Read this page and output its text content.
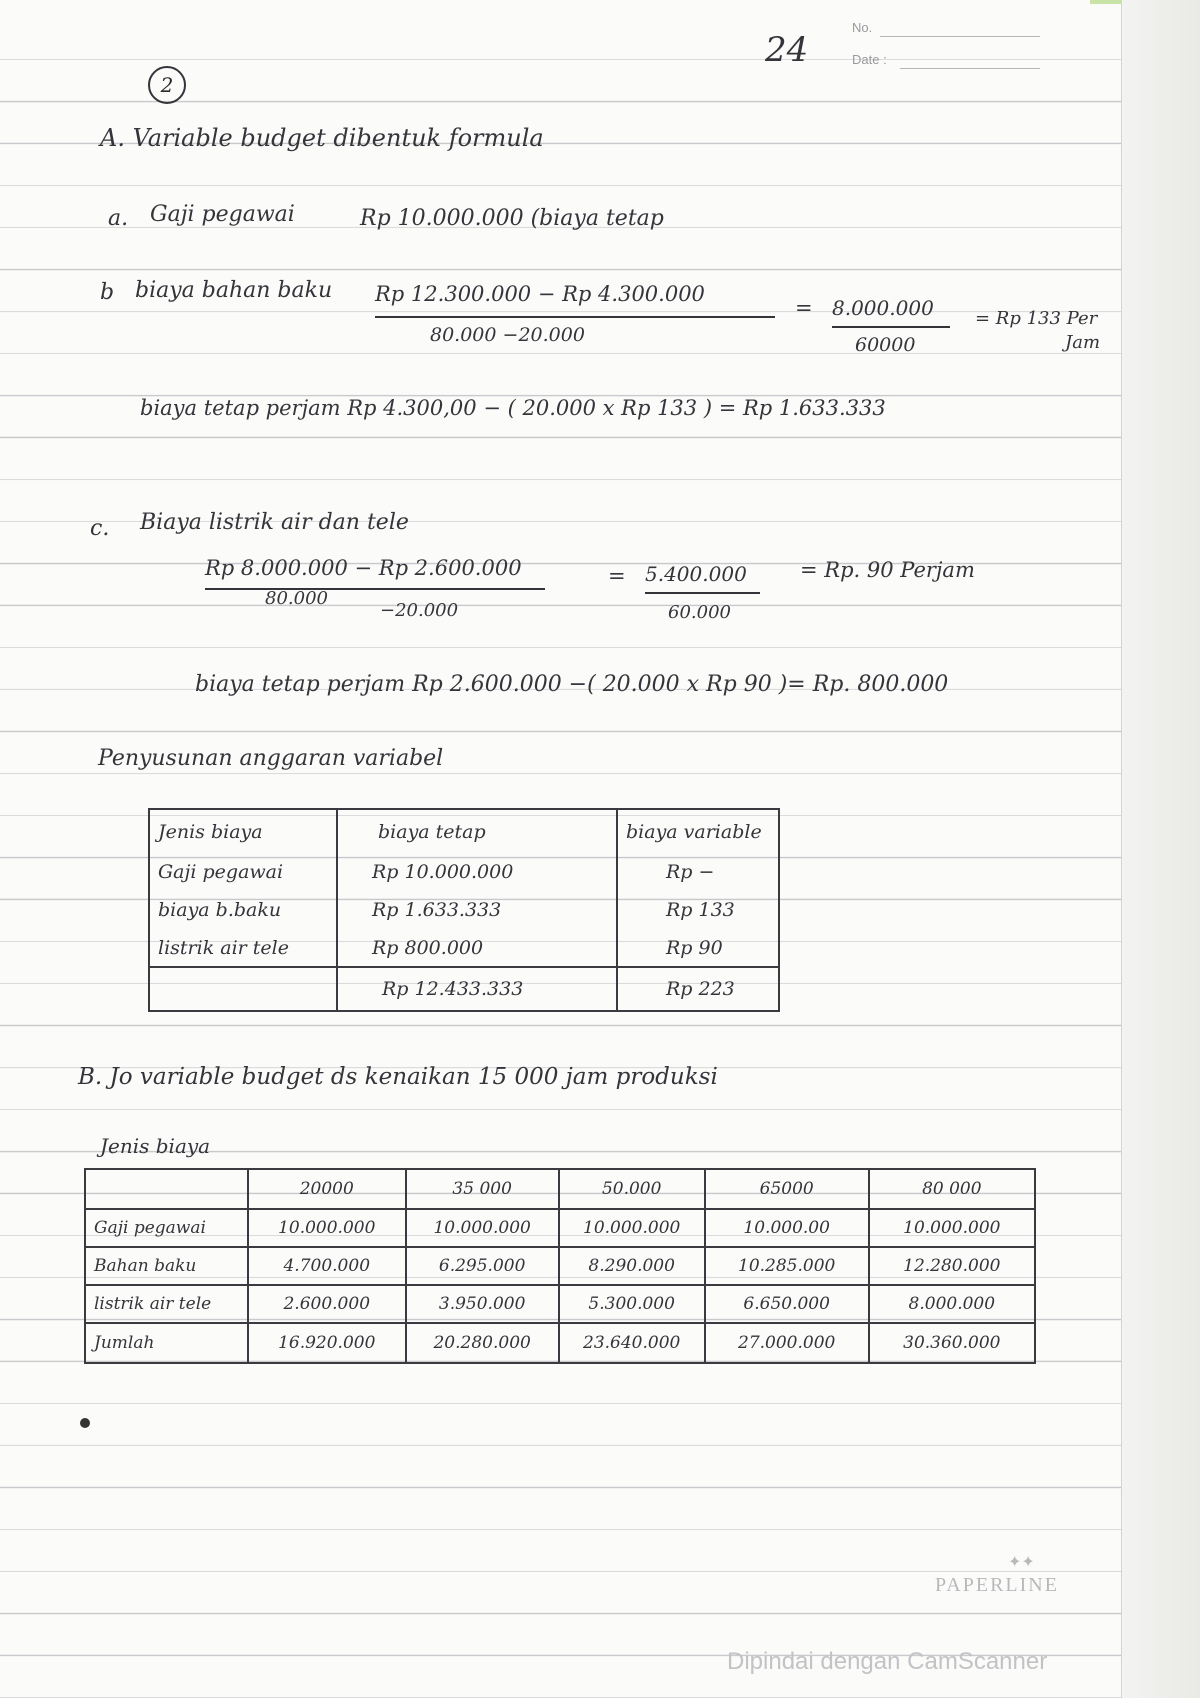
No.
Date :
24
2
A. Variable budget dibentuk formula
a. Gaji pegawai	Rp 10.000.000 (biaya tetap
b biaya bahan baku Rp 12.300.000 − Rp 4.300.000
80.000 −20.000
= 8.000.000
60000
= Rp 133 Per
Jam
biaya tetap perjam Rp 4.300,00 − ( 20.000 x Rp 133 ) = Rp 1.633.333
c. Biaya listrik air dan tele
Rp 8.000.000 − Rp 2.600.000
80.000
−20.000
= 5.400.000
60.000
= Rp. 90 Perjam
biaya tetap perjam Rp 2.600.000 −( 20.000 x Rp 90 )= Rp. 800.000
Penyusunan anggaran variabel
Jenis biaya	biaya tetap	biaya variable
Gaji pegawai	Rp 10.000.000	Rp −
biaya b.baku	Rp 1.633.333	Rp 133
listrik air tele	Rp 800.000	Rp 90
	Rp 12.433.333	Rp 223
B. Jo variable budget ds kenaikan 15 000 jam produksi
Jenis biaya
	20000	35 000	50.000	65000	80 000
Gaji pegawai	10.000.000	10.000.000	10.000.000	10.000.00	10.000.000
Bahan baku	4.700.000	6.295.000	8.290.000	10.285.000	12.280.000
listrik air tele	2.600.000	3.950.000	5.300.000	6.650.000	8.000.000
Jumlah	16.920.000	20.280.000	23.640.000	27.000.000	30.360.000
✦✦
PAPERLINE
Dipindai dengan CamScanner
